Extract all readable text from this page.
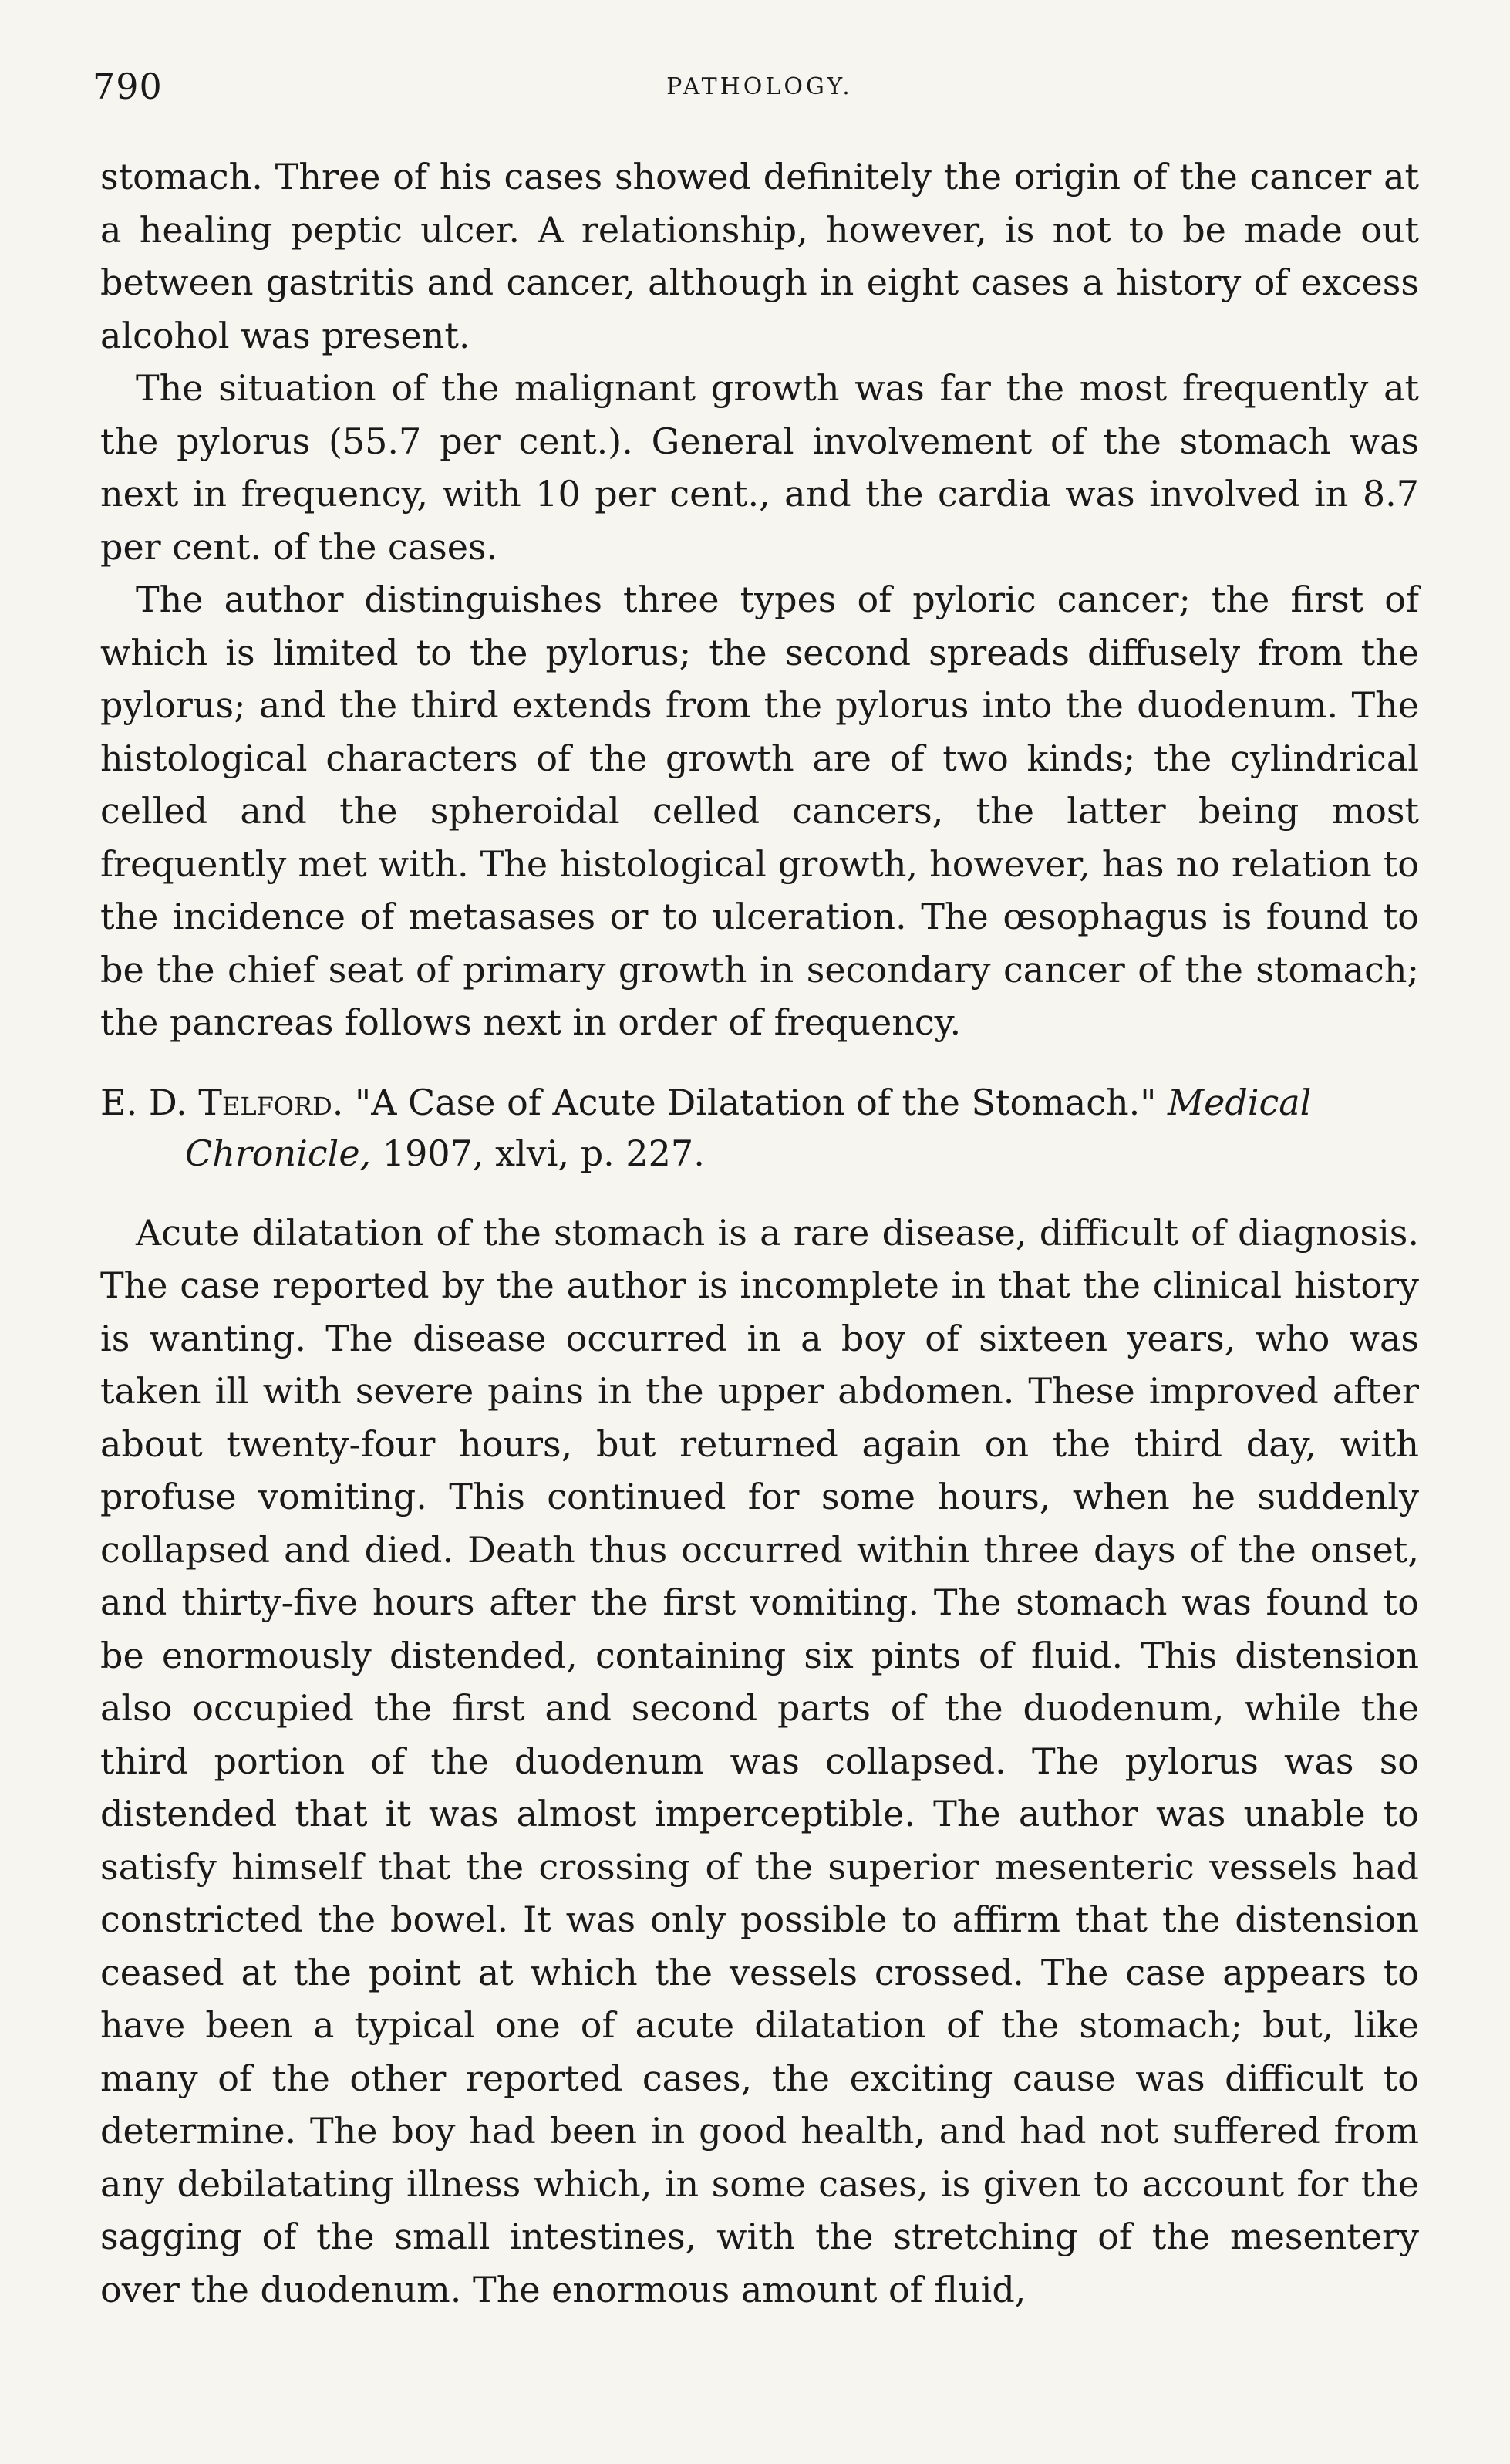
790	PATHOLOGY.

stomach. Three of his cases showed definitely the origin of the cancer at a healing peptic ulcer. A relationship, however, is not to be made out between gastritis and cancer, although in eight cases a history of excess alcohol was present.

The situation of the malignant growth was far the most frequently at the pylorus (55.7 per cent.). General involvement of the stomach was next in frequency, with 10 per cent., and the cardia was involved in 8.7 per cent. of the cases.

The author distinguishes three types of pyloric cancer; the first of which is limited to the pylorus; the second spreads diffusely from the pylorus; and the third extends from the pylorus into the duodenum. The histological characters of the growth are of two kinds; the cylindrical celled and the spheroidal celled cancers, the latter being most frequently met with. The histological growth, however, has no relation to the incidence of metasases or to ulceration. The œsophagus is found to be the chief seat of primary growth in secondary cancer of the stomach; the pancreas follows next in order of frequency.

E. D. Telford. "A Case of Acute Dilatation of the Stomach." Medical Chronicle, 1907, xlvi, p. 227.

Acute dilatation of the stomach is a rare disease, difficult of diagnosis. The case reported by the author is incomplete in that the clinical history is wanting. The disease occurred in a boy of sixteen years, who was taken ill with severe pains in the upper abdomen. These improved after about twenty-four hours, but returned again on the third day, with profuse vomiting. This continued for some hours, when he suddenly collapsed and died. Death thus occurred within three days of the onset, and thirty-five hours after the first vomiting. The stomach was found to be enormously distended, containing six pints of fluid. This distension also occupied the first and second parts of the duodenum, while the third portion of the duodenum was collapsed. The pylorus was so distended that it was almost imperceptible. The author was unable to satisfy himself that the crossing of the superior mesenteric vessels had constricted the bowel. It was only possible to affirm that the distension ceased at the point at which the vessels crossed. The case appears to have been a typical one of acute dilatation of the stomach; but, like many of the other reported cases, the exciting cause was difficult to determine. The boy had been in good health, and had not suffered from any debilatating illness which, in some cases, is given to account for the sagging of the small intestines, with the stretching of the mesentery over the duodenum. The enormous amount of fluid,
